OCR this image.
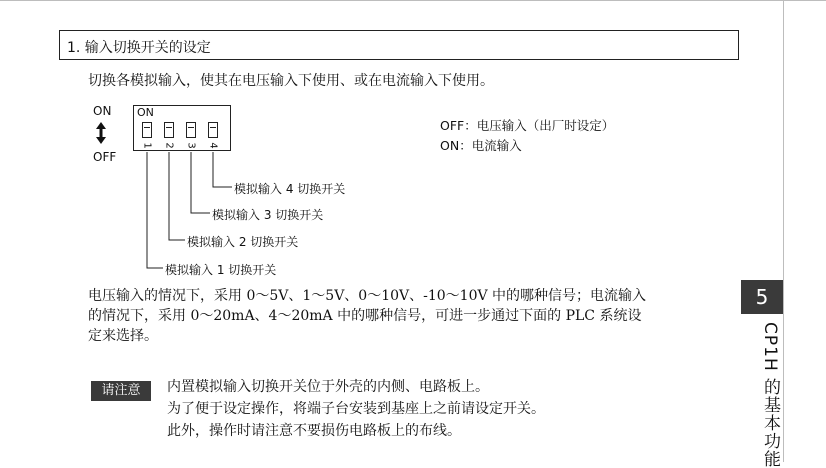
1. 输入切换开关的设定
切换各模拟输入，使其在电压输入下使用、或在电流输入下使用。
ON
OFF
ON
1 2 3 4
模拟输入 4 切换开关
模拟输入 3 切换开关
模拟输入 2 切换开关
模拟输入 1 切换开关
OFF：电压输入（出厂时设定）
ON：电流输入
电压输入的情况下，采用 0～5V、1～5V、0～10V、-10～10V 中的哪种信号；电流输入
的情况下，采用 0～20mA、4～20mA 中的哪种信号，可进一步通过下面的 PLC 系统设
定来选择。
请注意	内置模拟输入切换开关位于外壳的内侧、电路板上。
为了便于设定操作，将端子台安装到基座上之前请设定开关。
此外，操作时请注意不要损伤电路板上的布线。
5
CP1H 的基本功能
